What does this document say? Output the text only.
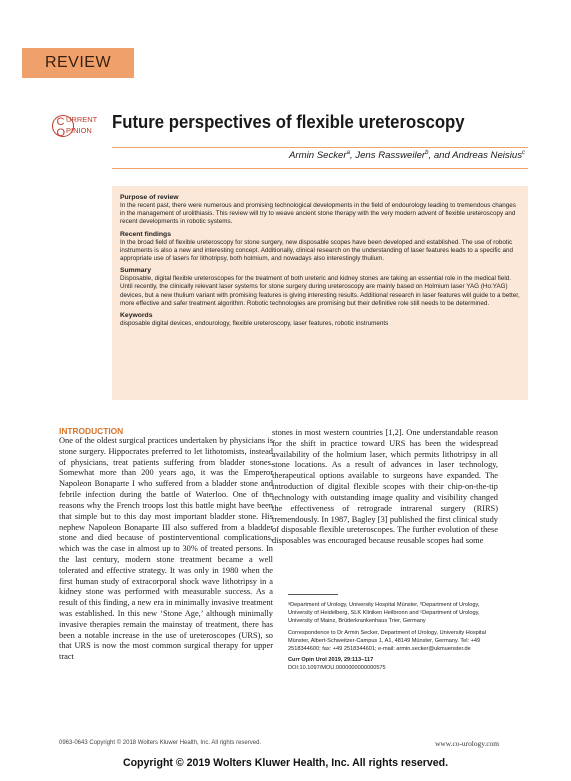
REVIEW
C
O
URRENT
PINION Future perspectives of flexible ureteroscopy
Armin Secker$^a$, Jens Rassweiler$^b$, and Andreas Neisius$^c$
Purpose of review

In the recent past, there were numerous and promising technological developments in the field of endourology leading to tremendous changes in the management of urolithiasis. This review will try to weave ancient stone therapy with the very modern advent of flexible ureteroscopy and recent developments in robotic systems.

Recent findings

In the broad field of flexible ureteroscopy for stone surgery, new disposable scopes have been developed and established. The use of robotic instruments is also a new and interesting concept. Additionally, clinical research on the understanding of laser features leads to a specific and appropriate use of lasers for lithotripsy, both holmium, and nowadays also interestingly thulium.

Summary

Disposable, digital flexible ureteroscopes for the treatment of both ureteric and kidney stones are taking an essential role in the medical field. Until recently, the clinically relevant laser systems for stone surgery during ureteroscopy are mainly based on Holmium laser YAG (Ho:YAG) devices, but a new thulium variant with promising features is giving interesting results. Additional research in laser features will guide to a better, more effective and safer treatment algorithm. Robotic technologies are promising but their definitive role still needs to be determined.

Keywords

disposable digital devices, endourology, flexible ureteroscopy, laser features, robotic instruments

INTRODUCTION

One of the oldest surgical practices undertaken by physicians is stone surgery. Hippocrates preferred to let lithotomists, instead of physicians, treat patients suffering from bladder stones. Somewhat more than 200 years ago, it was the Emperor Napoleon Bonaparte I who suffered from a bladder stone and febrile infection during the battle of Waterloo. One of the reasons why the French troops lost this battle might have been that simple but to this day most important bladder stone. His nephew Napoleon Bonaparte III also suffered from a bladder stone and died because of postinterventional complications, which was the case in almost up to 30% of treated persons. In the last century, modern stone treatment became a well tolerated and effective strategy. It was only in 1980 when the first human study of extracorporal shock wave lithotripsy in a kidney stone was performed with measurable success. As a result of this finding, a new era in minimally invasive treatment was established. In this new ‘Stone Age,’ although minimally invasive therapies remain the mainstay of treatment, there has been a notable increase in the use of ureteroscopes (URS), so that URS is now the most common surgical therapy for upper tract

stones in most western countries [1,2]. One understandable reason for the shift in practice toward URS has been the widespread availability of the holmium laser, which permits lithotripsy in all stone locations. As a result of advances in laser technology, therapeutical options available to surgeons have expanded. The introduction of digital flexible scopes with their chip-on-the-tip technology with outstanding image quality and visibility changed the effectiveness of retrograde intrarenal surgery (RIRS) tremendously. In 1987, Bagley [3] published the first clinical study of disposable flexible ureteroscopes. The further evolution of these disposables was encouraged because reusable scopes had some

ᵃDepartment of Urology, University Hospital Münster, ᵇDepartment of Urology, University of Heidelberg, SLK Kliniken Heilbronn and ᶜDepartment of Urology, University of Mainz, Brüderkrankenhaus Trier, Germany

Correspondence to Dr Armin Secker, Department of Urology, University Hospital Münster, Albert-Schweitzer-Campus 1, A1, 48149 Münster, Germany. Tel: +49 2518344600; fax: +49 2518344601; e-mail: armin.secker@ukmuenster.de

Curr Opin Urol 2019, 29:113–117

DOI:10.1097/MOU.0000000000000575

0963-0643 Copyright © 2018 Wolters Kluwer Health, Inc. All rights reserved.	www.co-urology.com
Copyright © 2019 Wolters Kluwer Health, Inc. All rights reserved.
